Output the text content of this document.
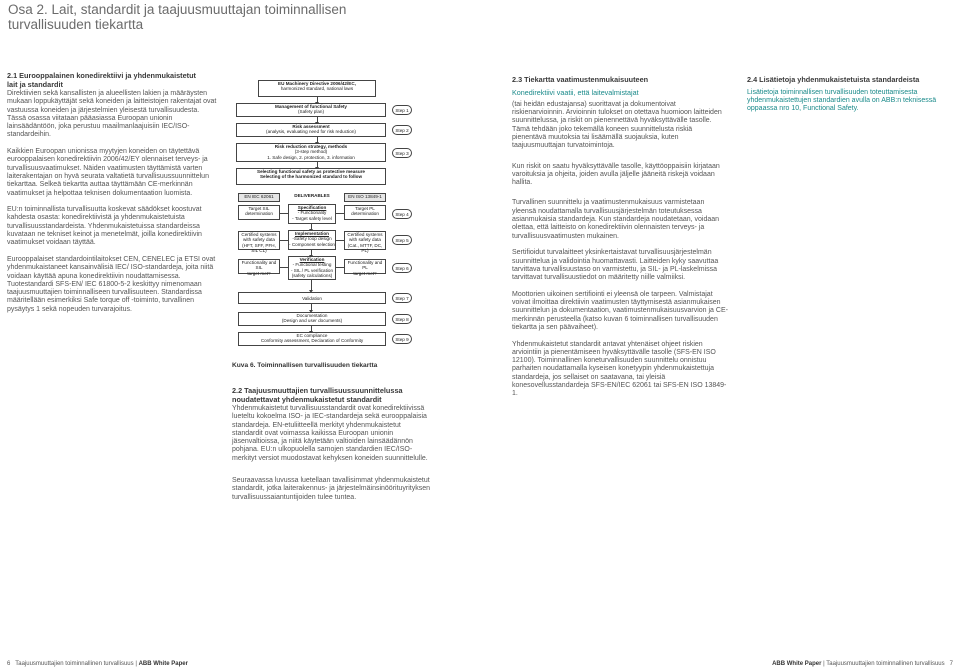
Osa 2. Lait, standardit ja taajuusmuuttajan toiminnallisen
turvallisuuden tiekartta
2.1 Eurooppalainen konedirektiivi ja yhdenmukaistetut
lait ja standardit

Direktiivien sekä kansallisten ja alueellisten lakien ja määräysten mukaan loppukäyttäjät sekä koneiden ja laitteistojen rakentajat ovat vastuussa koneiden ja järjestelmien yleisestä turvallisuudesta. Tässä osassa viitataan pääasiassa Euroopan unionin lainsäädäntöön, joka perustuu maailmanlaajuisiin IEC/ISO-standardeihin.

Kaikkien Euroopan unionissa myytyjen koneiden on täytettävä eurooppalaisen konedirektiivin 2006/42/EY olennaiset terveys- ja turvallisuusvaatimukset. Näiden vaatimusten täyttämistä varten laiterakentajan on hyvä seurata valtatietä turvallisuussuunnittelun tiekarttaa. Selkeä tiekartta auttaa täyttämään CE-merkinnän vaatimukset ja helpottaa teknisen dokumentaation luomista.

EU:n toiminnallista turvallisuutta koskevat säädökset koostuvat kahdesta osasta: konedirektiivistä ja yhdenmukaistetuista turvallisuusstandardeista. Yhdenmukaistetuissa standardeissa kuvataan ne tekniset keinot ja menetelmät, joilla konedirektiivin vaatimukset voidaan täyttää.

Eurooppalaiset standardointilaitokset CEN, CENELEC ja ETSI ovat yhdenmukaistaneet kansainvälisiä IEC/ ISO-standardeja, joita niitä voidaan käyttää apuna konedirektiivin noudattamisessa. Tuotestandardi SFS-EN/ IEC 61800-5-2 keskittyy nimenomaan taajuusmuuttajien toiminnalliseen turvallisuuteen. Standardissa määritellään esimerkiksi Safe torque off -toiminto, turvallinen pysäytys 1 sekä nopeuden turvarajoitus.

EU Machinery Directive 2006/42/EC,
harmonized standard, national laws
Management of functional Safety
(Safety plan)
Risk assessment
(analysis, evaluating need for risk reduction)
Risk reduction strategy, methods
(3-step method)
1. Safe design, 2. protection, 3. information
Selecting functional safety as protective measure
Selecting of the harmonized standard to follow
EN IEC 62061	DELIVERABLES	EN ISO 13849-1
Target SIL
determination
Specification
- Functionality
- Target safety level
Target PL
determination
Certified systems
with safety data
(HFT, SFF, PFH, SIL CL)
Implementation
-Safety loop design
- Component selection
Certified systems
with safety data
(Cat., MTTF, DC, PL)
Functionality and SIL
target met?
Verification
- Functional testing
- SIL / PL verification
(safety calculations)
Functionality and PL
target met?
Validation
Documentation
(Design and user documents)
EC compliance
Conformity assessment, Declaration of Conformity
Step 1
Step 2
Step 3
Step 4
Step 5
Step 6
Step 7
Step 8
Step 9
Kuva 6. Toiminnallisen turvallisuuden tiekartta
2.2 Taajuusmuuttajien turvallisuussuunnittelussa
noudatettavat yhdenmukaistetut standardit

Yhdenmukaistetut turvallisuusstandardit ovat konedirektiivissä lueteltu kokoelma ISO- ja IEC-standardeja sekä eurooppalaisia standardeja. EN-etuliitteellä merkityt yhdenmukaistetut standardit ovat voimassa kaikissa Euroopan unionin jäsenvaltioissa, ja niitä käytetään valtioiden lainsäädännön pohjana. EU:n ulkopuolella samojen standardien IEC/ISO-merkityt versiot muodostavat kehyksen koneiden suunnittelulle.

Seuraavassa luvussa luetellaan tavallisimmat yhdenmukaistetut standardit, jotka laiterakennus- ja järjestelmäinsinöörituyrityksen turvallisuussaiantuntijoiden tulee tuntea.

2.3 Tiekartta vaatimustenmukaisuuteen
Konedirektiivi vaatii, että laitevalmistajat

(tai heidän edustajansa) suorittavat ja dokumentoivat riskienarvioinnin. Arvioinnin tulokset on otettava huomioon laitteiden suunnittelussa, ja riskit on pienennettävä hyväksyttävälle tasolle. Tämä tehdään joko tekemällä koneen suunnittelusta riskiä pienentävä muutoksia tai lisäämällä suojauksia, kuten taajuusmuuttajan turvatoimintoja.

Kun riskit on saatu hyväksyttävälle tasolle, käyttöoppaisiin kirjataan varoituksia ja ohjeita, joiden avulla jäljelle jääneitä riskejä voidaan hallita.

Turvallinen suunnittelu ja vaatimustenmukaisuus varmistetaan yleensä noudattamalla turvallisuusjärjestelmän toteutuksessa asianmukaisia standardeja. Kun standardeja noudatetaan, voidaan olettaa, että laitteisto on konedirektiivin olennaisten terveys- ja turvallisuusvaatimusten mukainen.

Sertifioidut turvalaitteet yksinkertaistavat turvallisuusjärjestelmän suunnittelua ja validointia huomattavasti. Laitteiden kyky saavuttaa tarvittava turvallisuustaso on varmistettu, ja SIL- ja PL-laskelmissa tarvittavat turvallisuustiedot on määritetty niille valmiiksi.

Moottorien uikoinen sertifiointi ei yleensä ole tarpeen. Valmistajat voivat ilmoittaa direktiivin vaatimusten täyttymisestä asianmukaisen suunnittelun ja dokumentaation, vaatimustenmukaisuusvarvion ja CE-merkinnän perusteella (katso kuvan 6 toiminnallisen turvallisuuden tiekartta ja sen päävaiheet).

Yhdenmukaistetut standardit antavat yhtenäiset ohjeet riskien arviointiin ja pienentämiseen hyväksyttävälle tasolle (SFS-EN ISO 12100). Toiminnallinen koneturvallisuuden suunnittelu onnistuu parhaiten noudattamalla kyseisen konetyypin yhdenmukaistettuja standardeja, jos sellaiset on saatavana, tai yleisiä konesovellusstandardeja SFS-EN/IEC 62061 tai SFS-EN ISO 13849-1.

2.4 Lisätietoja yhdenmukaistetuista standardeista
Lisätietoja toiminnallisen turvallisuuden toteuttamisesta yhdenmukaistettujen standardien avulla on ABB:n teknisessä oppaassa nro 10, Functional Safety.
6 Taajuusmuuttajien toiminnallinen turvallisuus | ABB White Paper	ABB White Paper | Taajuusmuuttajien toiminnallinen turvallisuus 7
